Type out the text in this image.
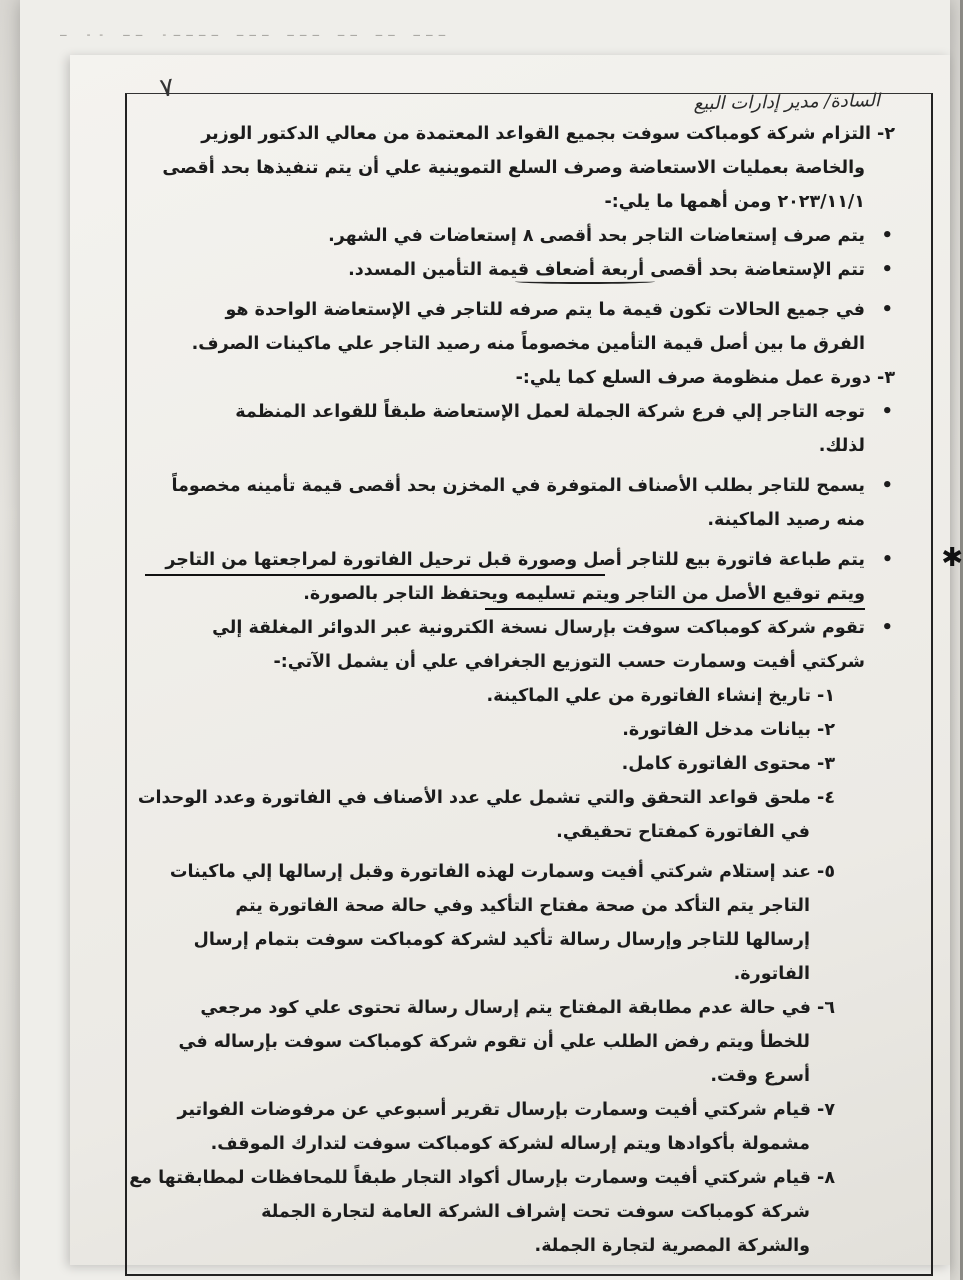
— -- —— -———— ——— ——— —— —— ———
٧	السادة/ مدير إدارات البيع
٢- التزام شركة كومباكت سوفت بجميع القواعد المعتمدة من معالي الدكتور الوزير
والخاصة بعمليات الاستعاضة وصرف السلع التموينية علي أن يتم تنفيذها بحد أقصى
٢٠٢٣/١١/١ ومن أهمها ما يلي:-
•
يتم صرف إستعاضات التاجر بحد أقصى ٨ إستعاضات في الشهر.
•
تتم الإستعاضة بحد أقصى أربعة أضعاف قيمة التأمين المسدد.
•
في جميع الحالات تكون قيمة ما يتم صرفه للتاجر في الإستعاضة الواحدة هو
الفرق ما بين أصل قيمة التأمين مخصوماً منه رصيد التاجر علي ماكينات الصرف.
٣- دورة عمل منظومة صرف السلع كما يلي:-
•
توجه التاجر إلي فرع شركة الجملة لعمل الإستعاضة طبقاً للقواعد المنظمة
لذلك.
•
يسمح للتاجر بطلب الأصناف المتوفرة في المخزن بحد أقصى قيمة تأمينه مخصوماً
منه رصيد الماكينة.
• ✱
يتم طباعة فاتورة بيع للتاجر أصل وصورة قبل ترحيل الفاتورة لمراجعتها من التاجر
ويتم توقيع الأصل من التاجر ويتم تسليمه ويحتفظ التاجر بالصورة.
•
تقوم شركة كومباكت سوفت بإرسال نسخة الكترونية عبر الدوائر المغلقة إلي
شركتي أفيت وسمارت حسب التوزيع الجغرافي علي أن يشمل الآتي:-
١- تاريخ إنشاء الفاتورة من علي الماكينة.
٢- بيانات مدخل الفاتورة.
٣- محتوى الفاتورة كامل.
٤- ملحق قواعد التحقق والتي تشمل علي عدد الأصناف في الفاتورة وعدد الوحدات
في الفاتورة كمفتاح تحقيقي.
٥- عند إستلام شركتي أفيت وسمارت لهذه الفاتورة وقبل إرسالها إلي ماكينات
التاجر يتم التأكد من صحة مفتاح التأكيد وفي حالة صحة الفاتورة يتم
إرسالها للتاجر وإرسال رسالة تأكيد لشركة كومباكت سوفت بتمام إرسال
الفاتورة.
٦- في حالة عدم مطابقة المفتاح يتم إرسال رسالة تحتوى علي كود مرجعي
للخطأ ويتم رفض الطلب علي أن تقوم شركة كومباكت سوفت بإرساله في
أسرع وقت.
٧- قيام شركتي أفيت وسمارت بإرسال تقرير أسبوعي عن مرفوضات الفواتير
مشمولة بأكوادها ويتم إرساله لشركة كومباكت سوفت لتدارك الموقف.
٨- قيام شركتي أفيت وسمارت بإرسال أكواد التجار طبقاً للمحافظات لمطابقتها مع
شركة كومباكت سوفت تحت إشراف الشركة العامة لتجارة الجملة
والشركة المصرية لتجارة الجملة.
